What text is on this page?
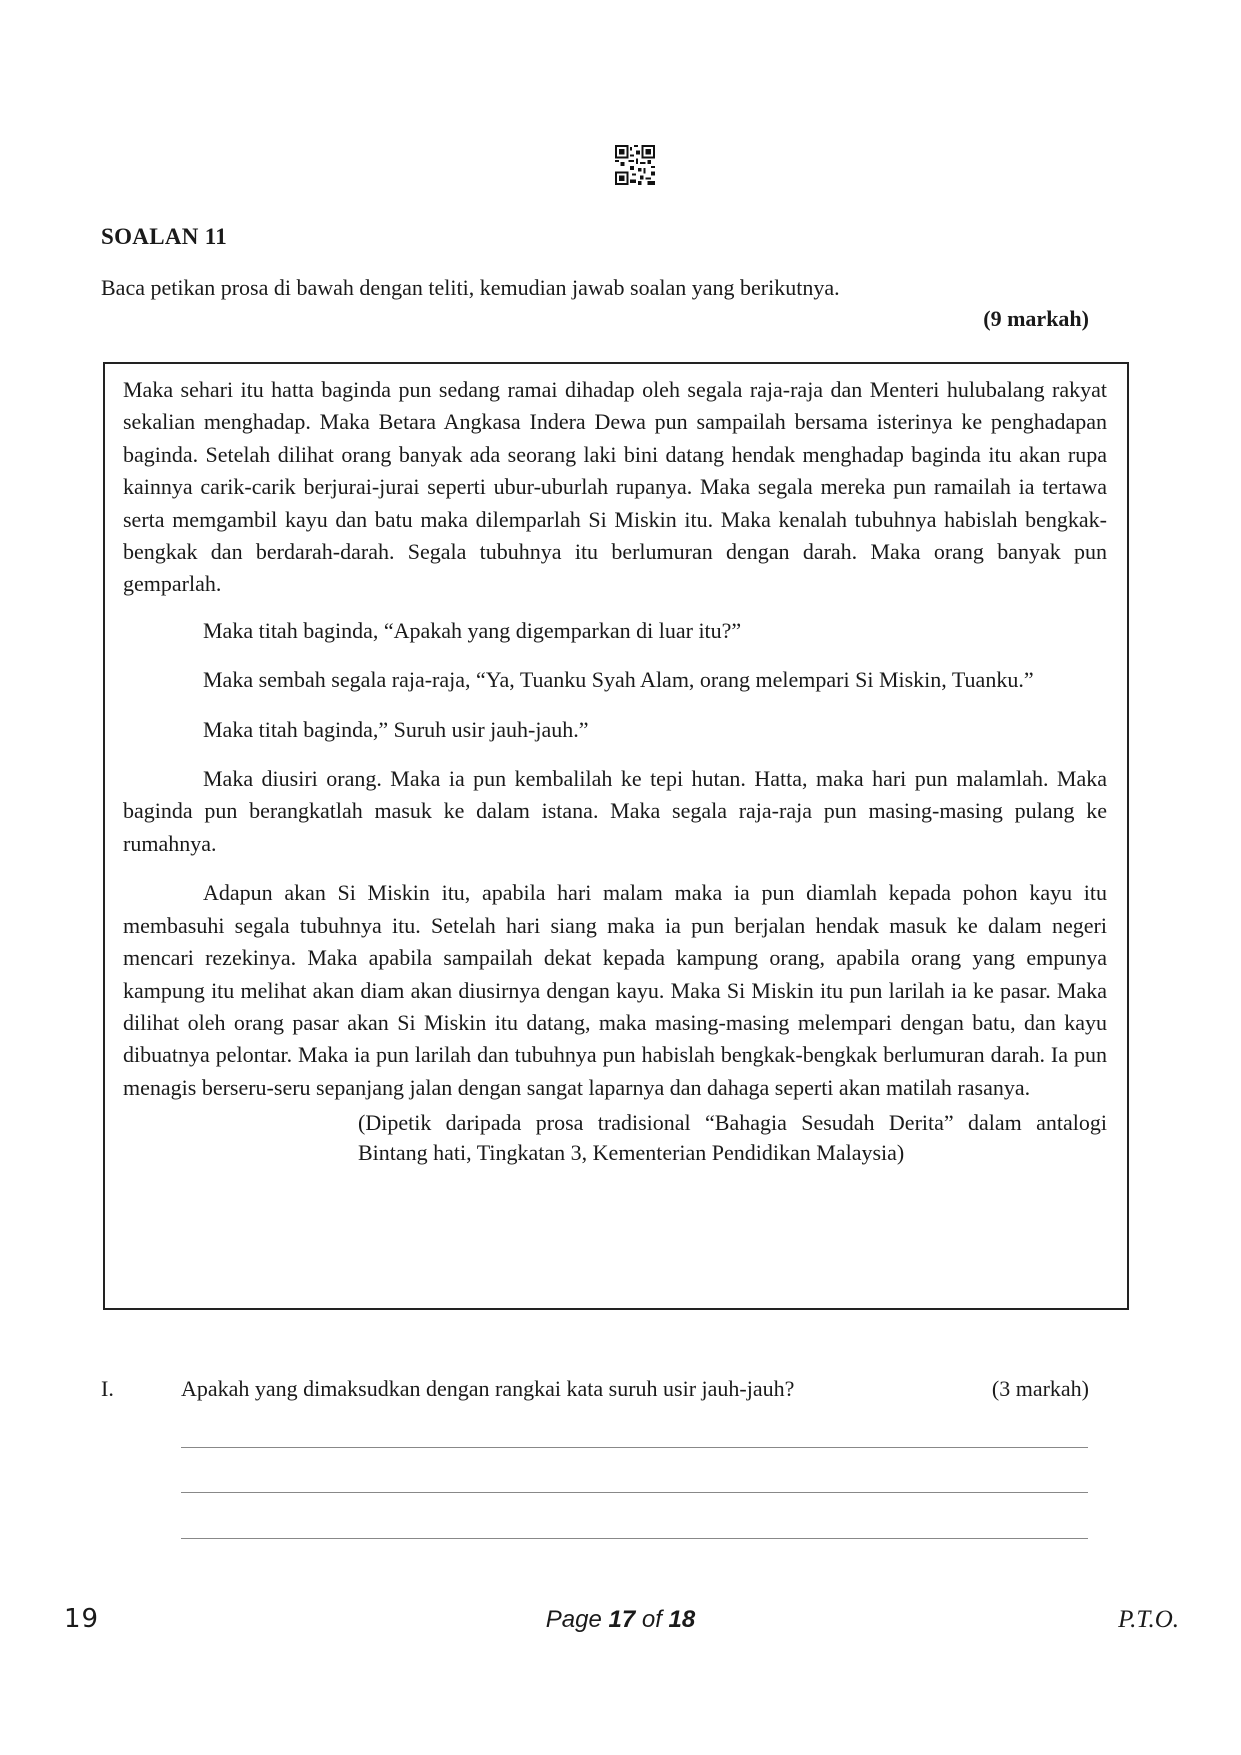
SOALAN 11
Baca petikan prosa di bawah dengan teliti, kemudian jawab soalan yang berikutnya.
(9 markah)

Maka sehari itu hatta baginda pun sedang ramai dihadap oleh segala raja-raja dan Menteri hulubalang rakyat sekalian menghadap. Maka Betara Angkasa Indera Dewa pun sampailah bersama isterinya ke penghadapan baginda. Setelah dilihat orang banyak ada seorang laki bini datang hendak menghadap baginda itu akan rupa kainnya carik-carik berjurai-jurai seperti ubur-uburlah rupanya. Maka segala mereka pun ramailah ia tertawa serta memgambil kayu dan batu maka dilemparlah Si Miskin itu. Maka kenalah tubuhnya habislah bengkak-bengkak dan berdarah-darah. Segala tubuhnya itu berlumuran dengan darah. Maka orang banyak pun gemparlah.

Maka titah baginda, “Apakah yang digemparkan di luar itu?”

Maka sembah segala raja-raja, “Ya, Tuanku Syah Alam, orang melempari Si Miskin, Tuanku.”

Maka titah baginda,” Suruh usir jauh-jauh.”

Maka diusiri orang. Maka ia pun kembalilah ke tepi hutan. Hatta, maka hari pun malamlah. Maka baginda pun berangkatlah masuk ke dalam istana. Maka segala raja-raja pun masing-masing pulang ke rumahnya.

Adapun akan Si Miskin itu, apabila hari malam maka ia pun diamlah kepada pohon kayu itu membasuhi segala tubuhnya itu. Setelah hari siang maka ia pun berjalan hendak masuk ke dalam negeri mencari rezekinya. Maka apabila sampailah dekat kepada kampung orang, apabila orang yang empunya kampung itu melihat akan diam akan diusirnya dengan kayu. Maka Si Miskin itu pun larilah ia ke pasar. Maka dilihat oleh orang pasar akan Si Miskin itu datang, maka masing-masing melempari dengan batu, dan kayu dibuatnya pelontar. Maka ia pun larilah dan tubuhnya pun habislah bengkak-bengkak berlumuran darah. Ia pun menagis berseru-seru sepanjang jalan dengan sangat laparnya dan dahaga seperti akan matilah rasanya.

(Dipetik daripada prosa tradisional “Bahagia Sesudah Derita” dalam antalogi Bintang hati, Tingkatan 3, Kementerian Pendidikan Malaysia)

I.	Apakah yang dimaksudkan dengan rangkai kata suruh usir jauh-jauh?	(3 markah)
19	Page 17 of 18	P.T.O.
